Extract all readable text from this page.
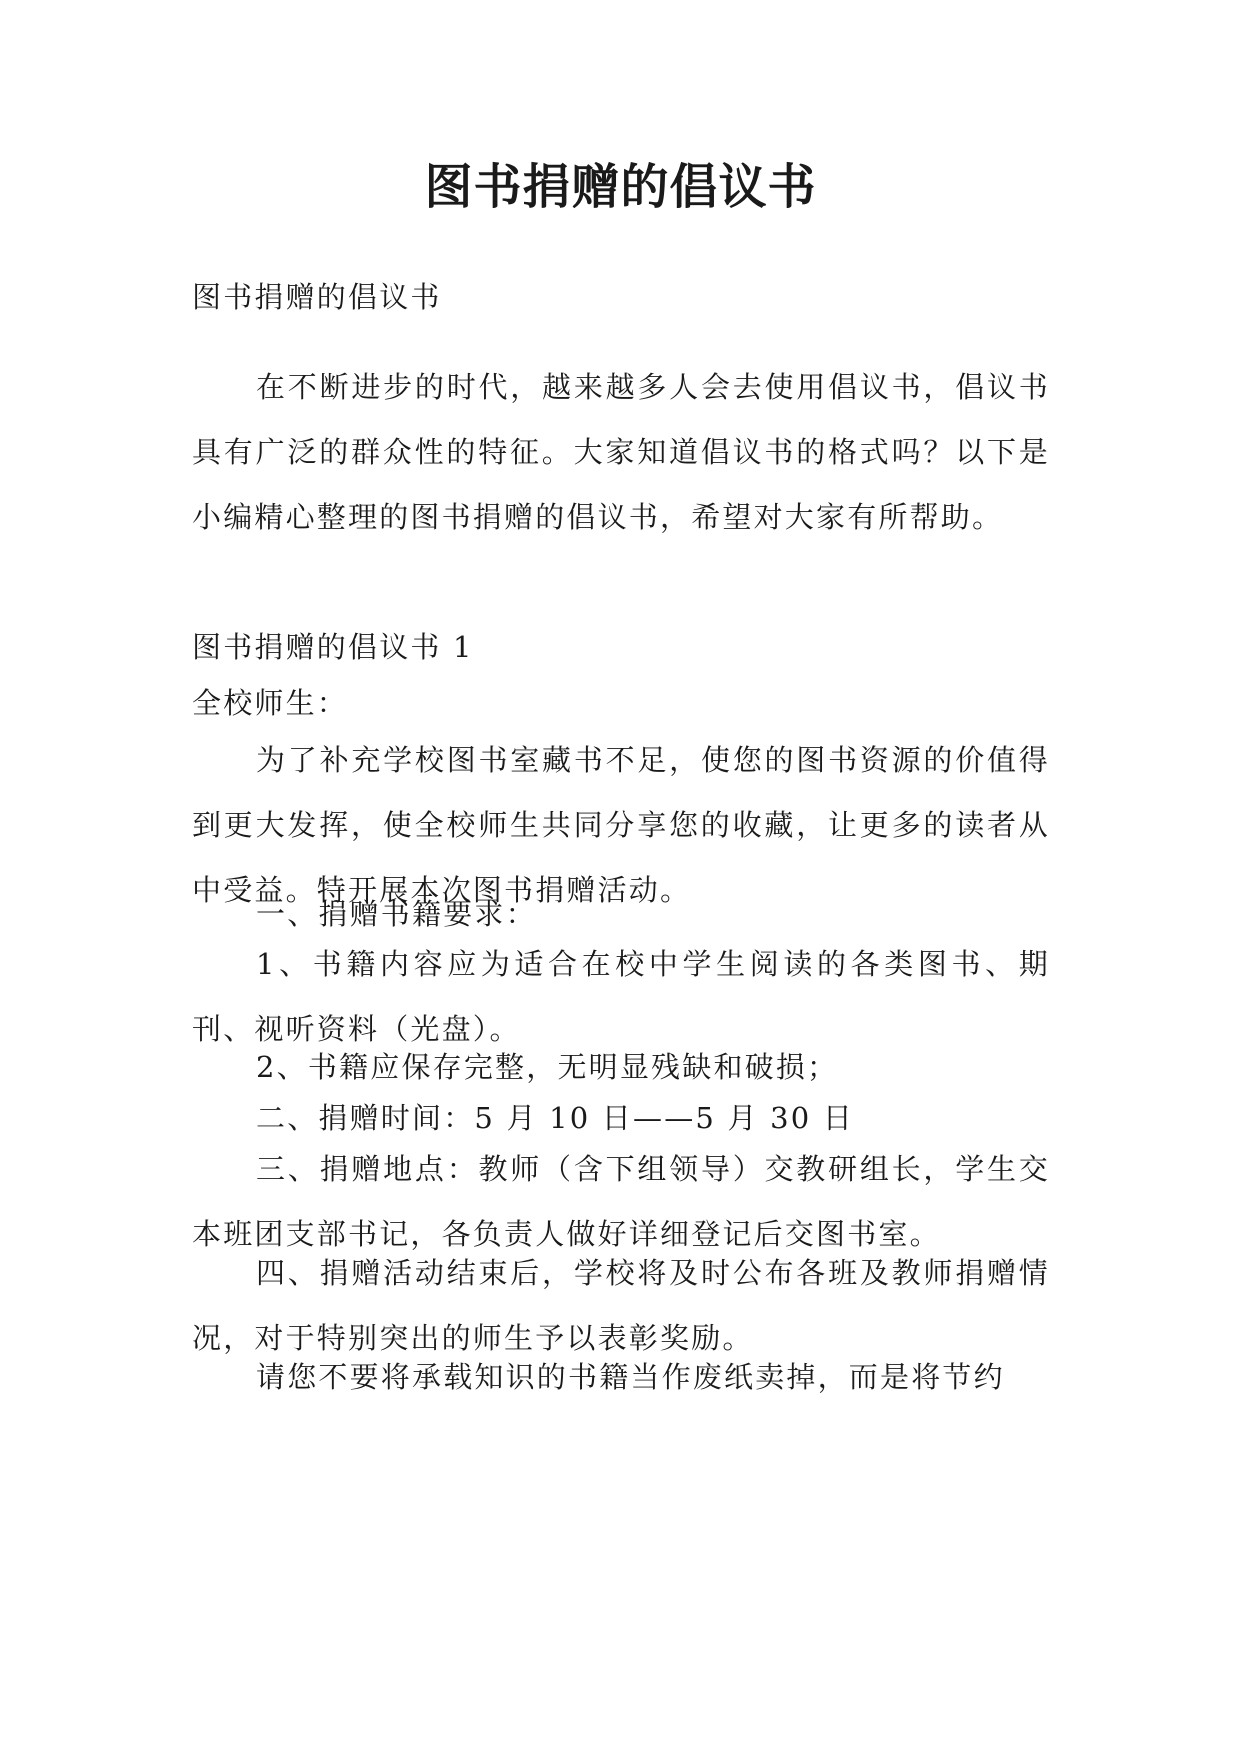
图书捐赠的倡议书

图书捐赠的倡议书

在不断进步的时代，越来越多人会去使用倡议书，倡议书具有广泛的群众性的特征。大家知道倡议书的格式吗？以下是小编精心整理的图书捐赠的倡议书，希望对大家有所帮助。

图书捐赠的倡议书 1

全校师生：

为了补充学校图书室藏书不足，使您的图书资源的价值得到更大发挥，使全校师生共同分享您的收藏，让更多的读者从中受益。特开展本次图书捐赠活动。

一、捐赠书籍要求：

1、书籍内容应为适合在校中学生阅读的各类图书、期刊、视听资料（光盘）。

2、书籍应保存完整，无明显残缺和破损；

二、捐赠时间：5 月 10 日——5 月 30 日

三、捐赠地点：教师（含下组领导）交教研组长，学生交本班团支部书记，各负责人做好详细登记后交图书室。

四、捐赠活动结束后，学校将及时公布各班及教师捐赠情况，对于特别突出的师生予以表彰奖励。

请您不要将承载知识的书籍当作废纸卖掉，而是将节约
